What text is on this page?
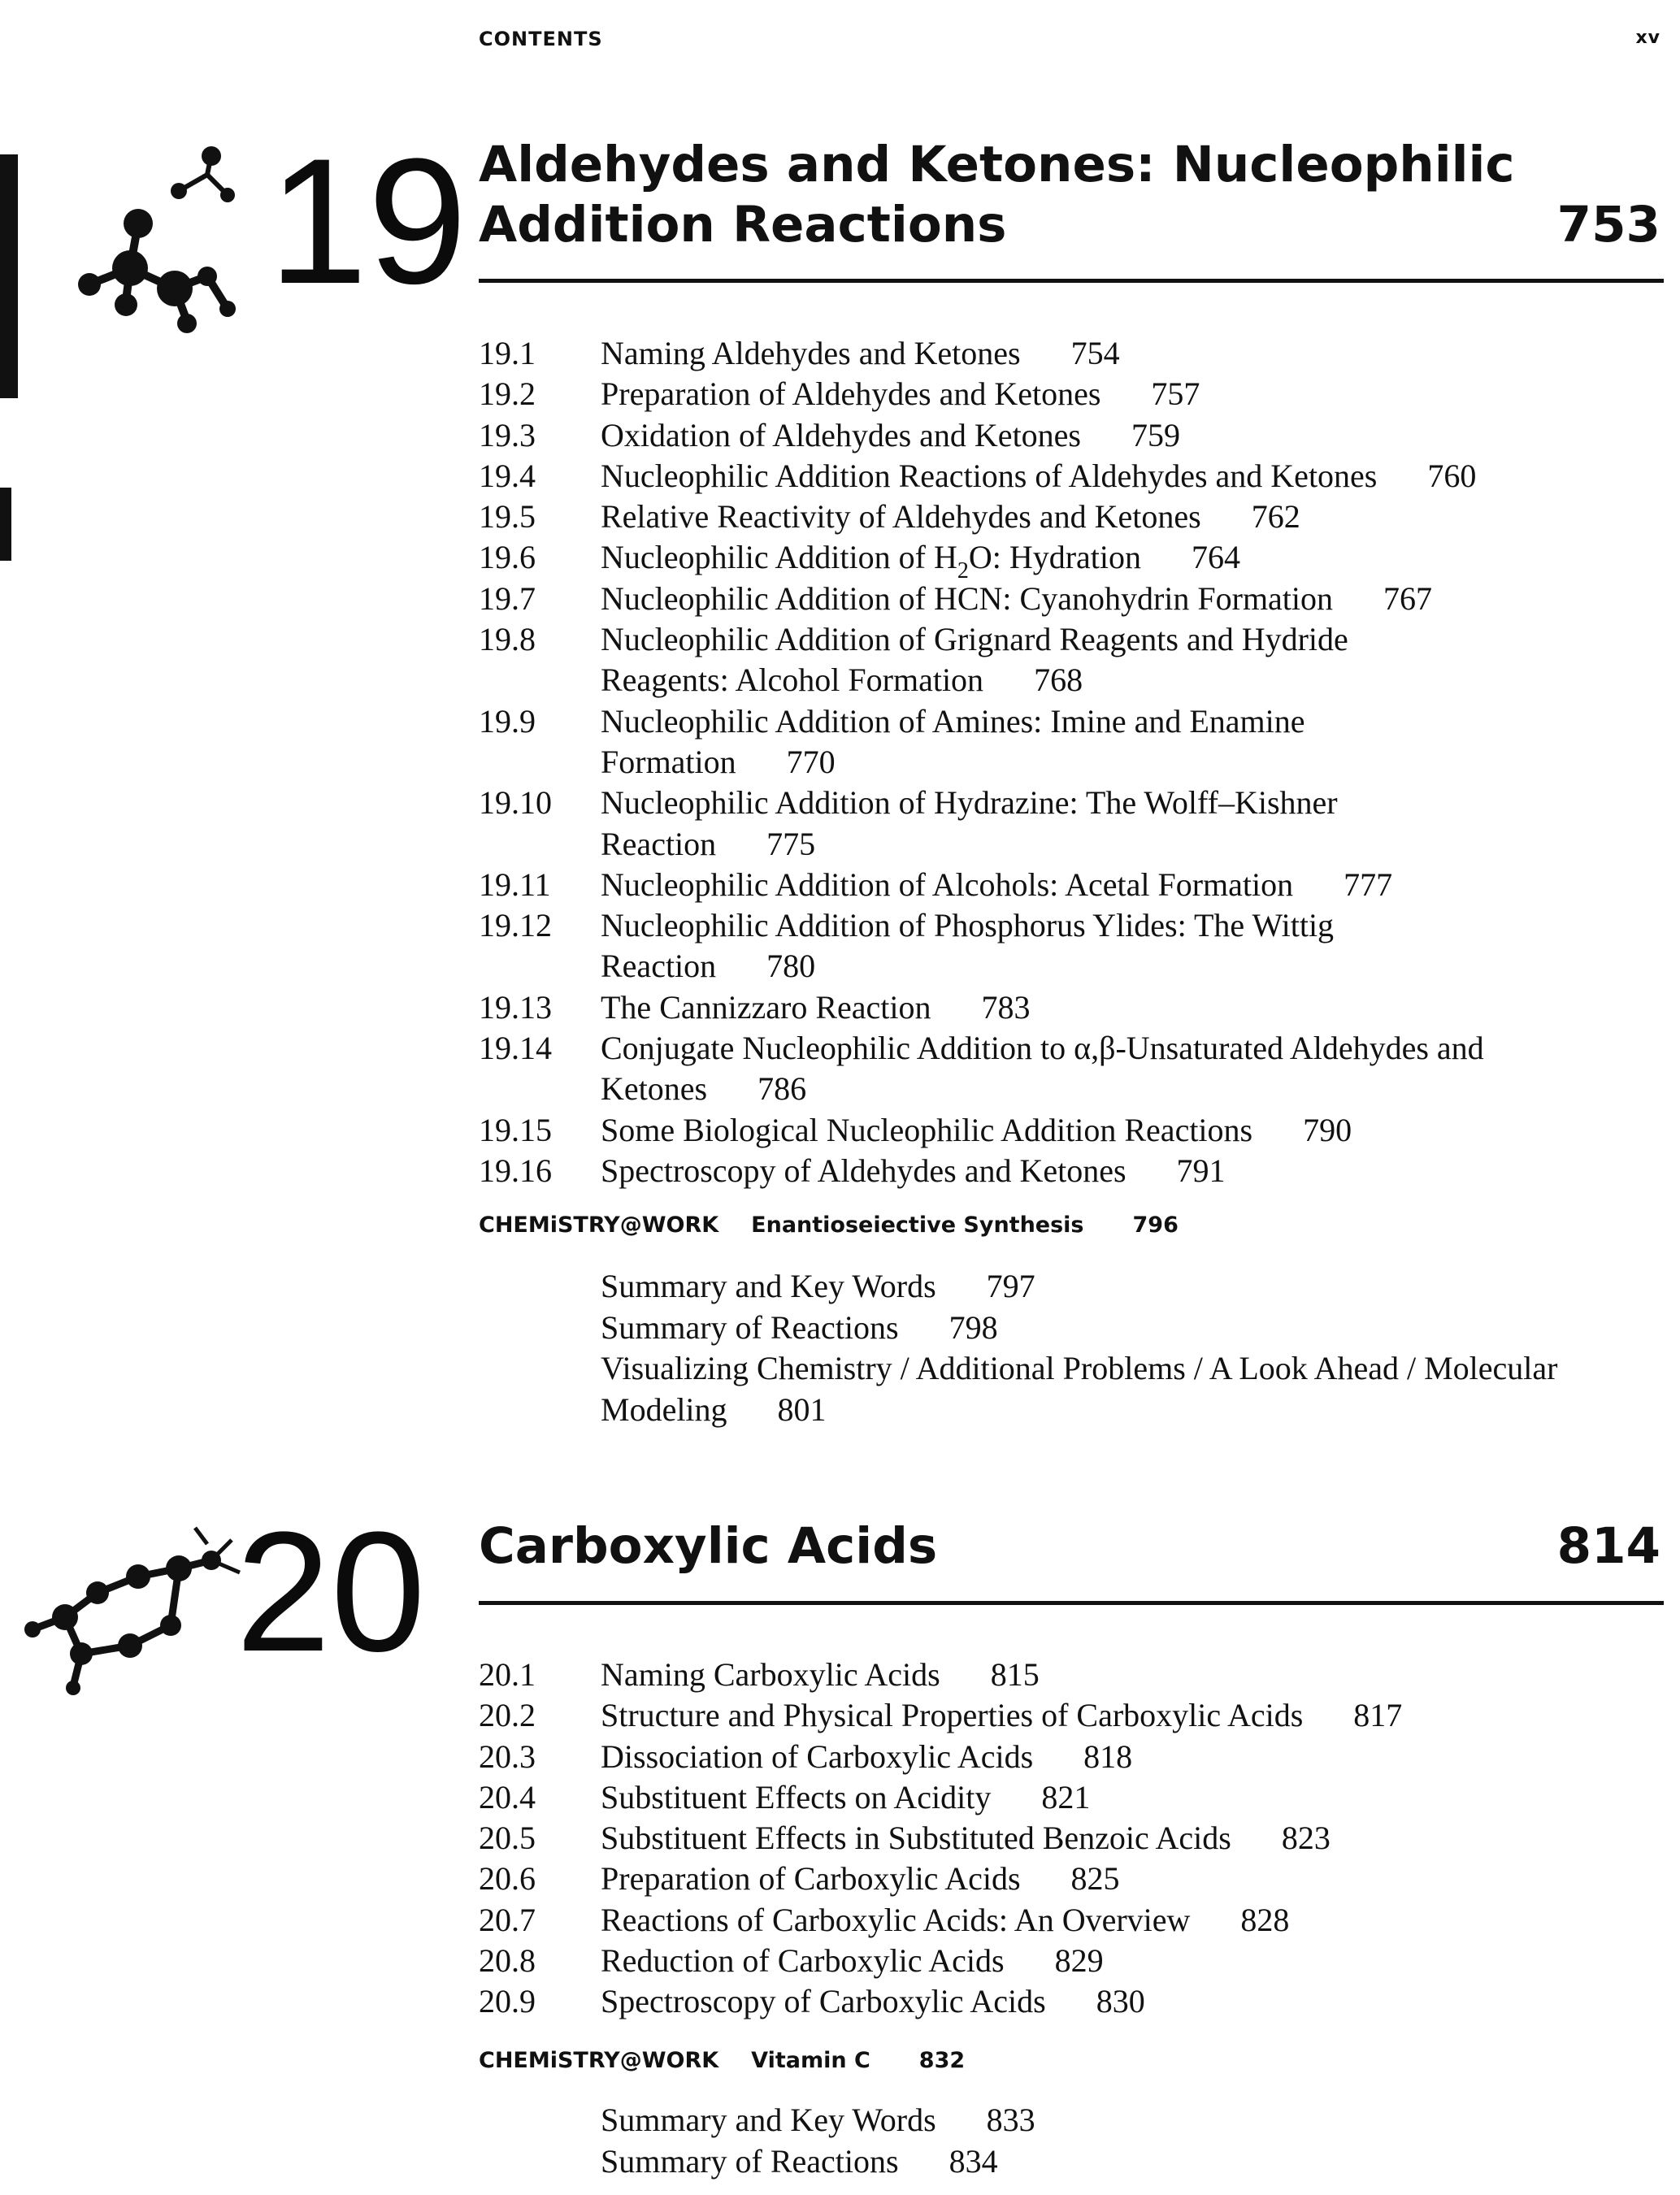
CONTENTS	xv
19 Aldehydes and Ketones: Nucleophilic
Addition Reactions	753
19.1	Naming Aldehydes and Ketones 754
19.2	Preparation of Aldehydes and Ketones 757
19.3	Oxidation of Aldehydes and Ketones 759
19.4	Nucleophilic Addition Reactions of Aldehydes and Ketones 760
19.5	Relative Reactivity of Aldehydes and Ketones 762
19.6	Nucleophilic Addition of $H_2O$: Hydration 764
19.7	Nucleophilic Addition of HCN: Cyanohydrin Formation 767
19.8	Nucleophilic Addition of Grignard Reagents and Hydride Reagents: Alcohol Formation 768
19.9	Nucleophilic Addition of Amines: Imine and Enamine Formation 770
19.10	Nucleophilic Addition of Hydrazine: The Wolff–Kishner Reaction 775
19.11	Nucleophilic Addition of Alcohols: Acetal Formation 777
19.12	Nucleophilic Addition of Phosphorus Ylides: The Wittig Reaction 780
19.13	The Cannizzaro Reaction 783
19.14	Conjugate Nucleophilic Addition to α,β-Unsaturated Aldehydes and Ketones 786
19.15	Some Biological Nucleophilic Addition Reactions 790
19.16	Spectroscopy of Aldehydes and Ketones 791
CHEMiSTRY@WORK Enantioseiective Synthesis 796
Summary and Key Words 797
Summary of Reactions 798
Visualizing Chemistry / Additional Problems / A Look Ahead / Molecular Modeling 801
20 Carboxylic Acids	814
20.1	Naming Carboxylic Acids 815
20.2	Structure and Physical Properties of Carboxylic Acids 817
20.3	Dissociation of Carboxylic Acids 818
20.4	Substituent Effects on Acidity 821
20.5	Substituent Effects in Substituted Benzoic Acids 823
20.6	Preparation of Carboxylic Acids 825
20.7	Reactions of Carboxylic Acids: An Overview 828
20.8	Reduction of Carboxylic Acids 829
20.9	Spectroscopy of Carboxylic Acids 830
CHEMiSTRY@WORK Vitamin C 832
Summary and Key Words 833
Summary of Reactions 834
